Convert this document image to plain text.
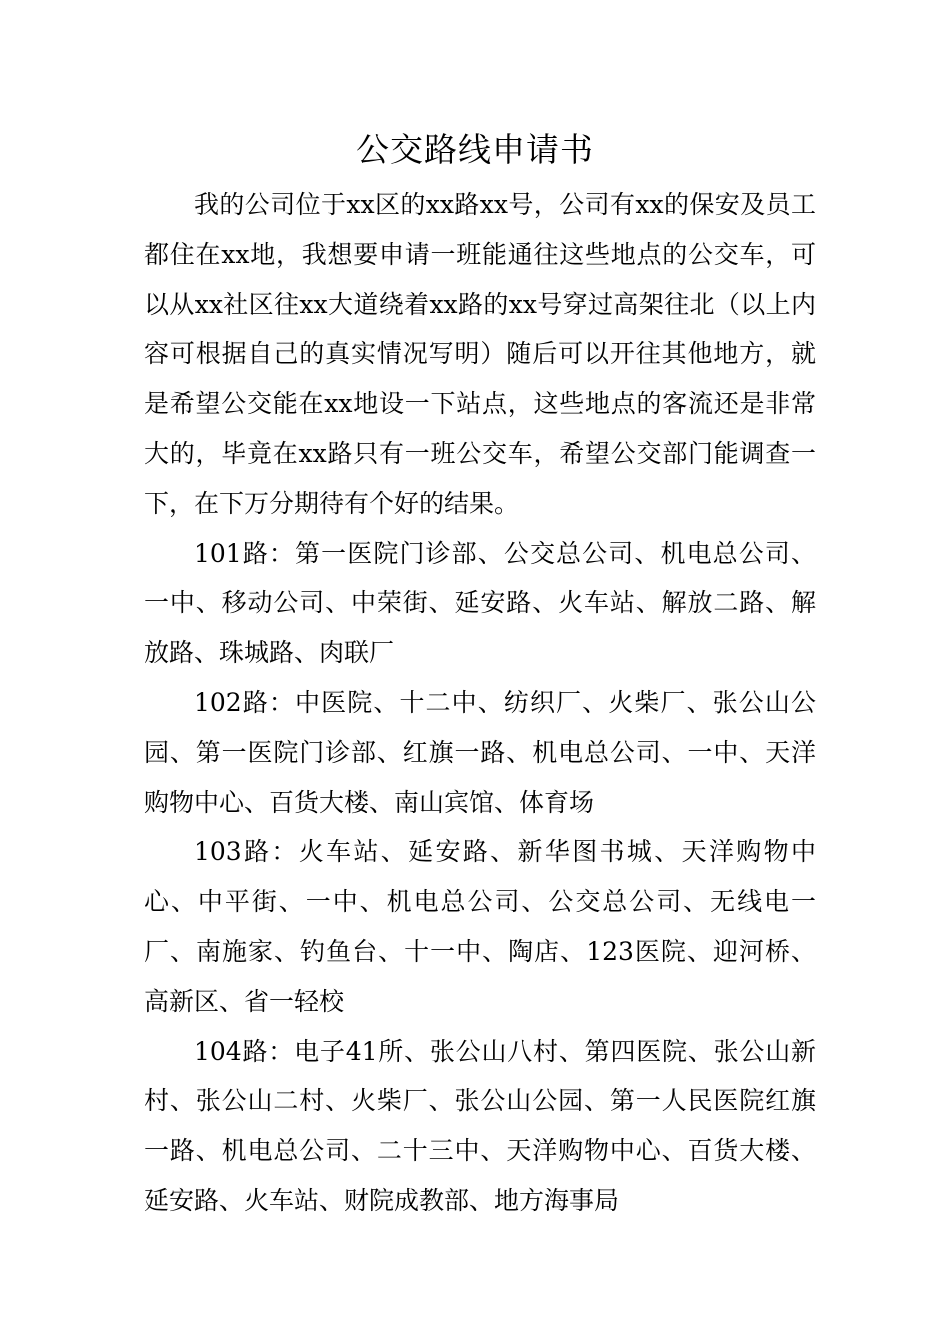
公交路线申请书

我的公司位于xx区的xx路xx号，公司有xx的保安及员工都住在xx地，我想要申请一班能通往这些地点的公交车，可以从xx社区往xx大道绕着xx路的xx号穿过高架往北（以上内容可根据自己的真实情况写明）随后可以开往其他地方，就是希望公交能在xx地设一下站点，这些地点的客流还是非常大的，毕竟在xx路只有一班公交车，希望公交部门能调查一下，在下万分期待有个好的结果。

101路：第一医院门诊部、公交总公司、机电总公司、一中、移动公司、中荣街、延安路、火车站、解放二路、解放路、珠城路、肉联厂

102路：中医院、十二中、纺织厂、火柴厂、张公山公园、第一医院门诊部、红旗一路、机电总公司、一中、天洋购物中心、百货大楼、南山宾馆、体育场

103路：火车站、延安路、新华图书城、天洋购物中心、中平街、一中、机电总公司、公交总公司、无线电一厂、南施家、钓鱼台、十一中、陶店、123医院、迎河桥、高新区、省一轻校

104路：电子41所、张公山八村、第四医院、张公山新村、张公山二村、火柴厂、张公山公园、第一人民医院红旗一路、机电总公司、二十三中、天洋购物中心、百货大楼、延安路、火车站、财院成教部、地方海事局
